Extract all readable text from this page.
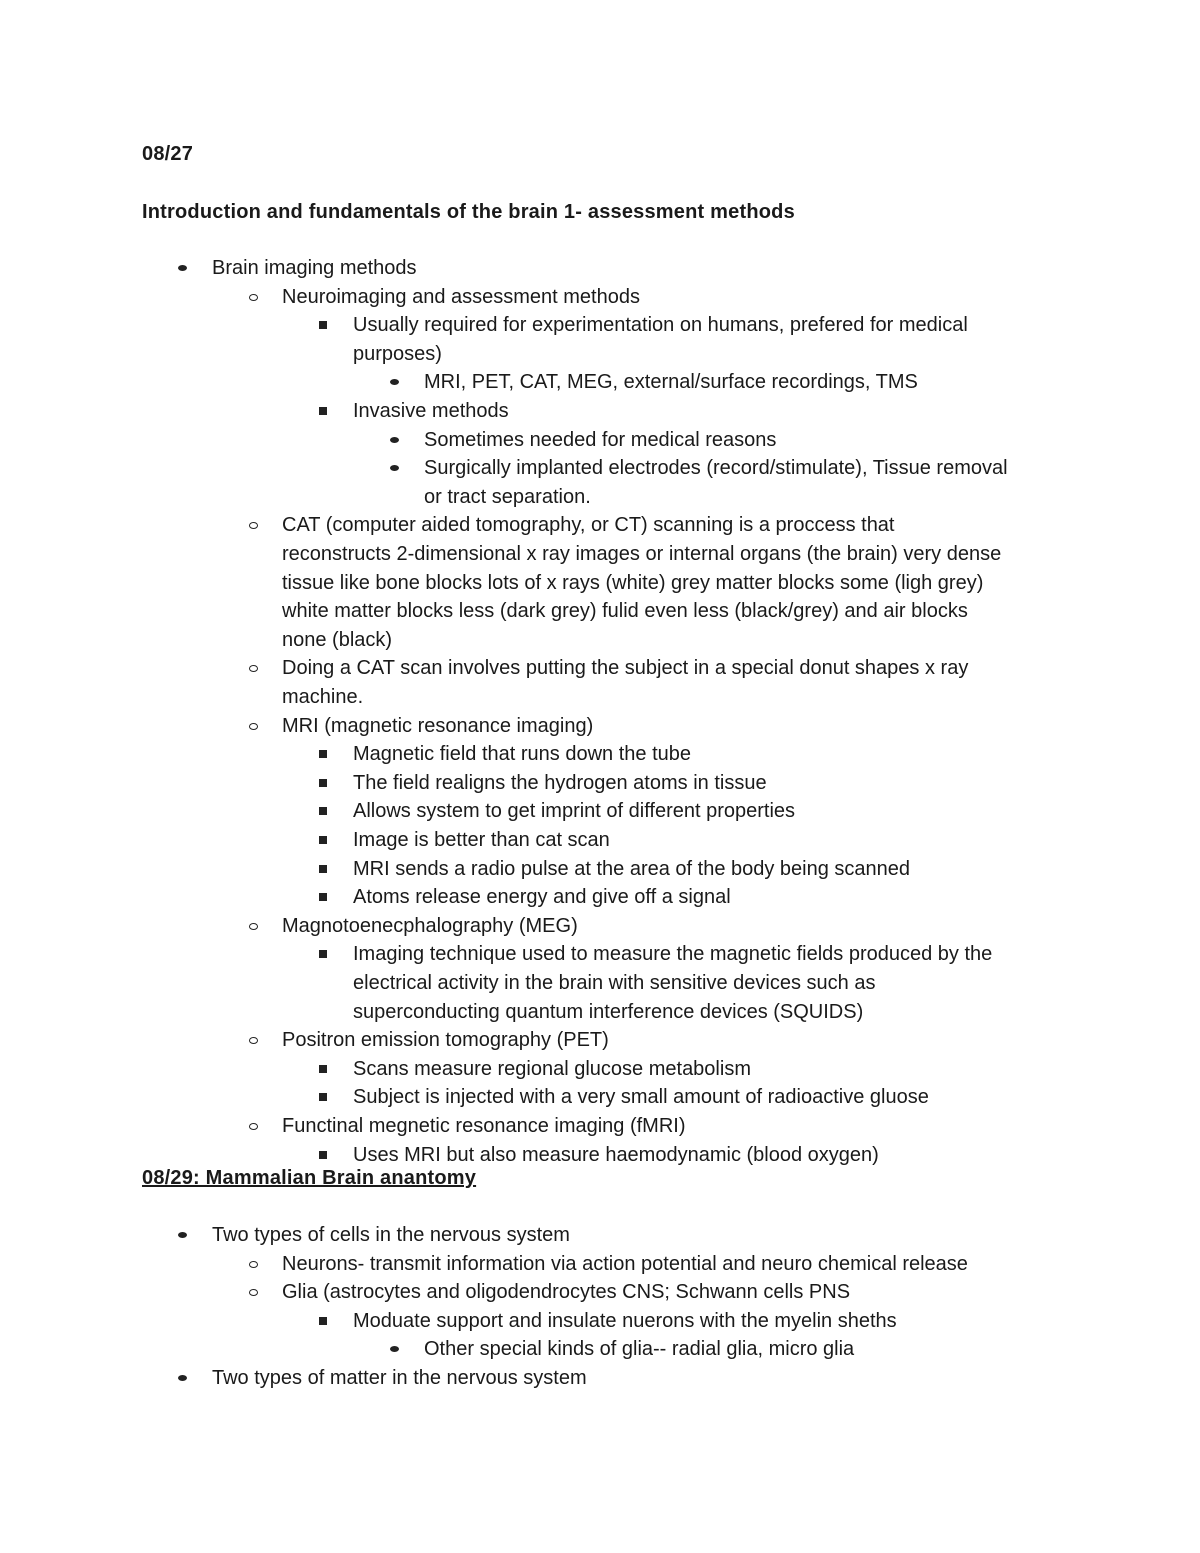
08/27
Introduction and fundamentals of the brain 1- assessment methods
Brain imaging methods
Neuroimaging and assessment methods
Usually required for experimentation on humans, prefered for medical
purposes)
MRI, PET, CAT, MEG, external/surface recordings, TMS
Invasive methods
Sometimes needed for medical reasons
Surgically implanted electrodes (record/stimulate), Tissue removal
or tract separation.
CAT (computer aided tomography, or CT) scanning is a proccess that
reconstructs 2-dimensional x ray images or internal organs (the brain) very dense
tissue like bone blocks lots of x rays (white) grey matter blocks some (ligh grey)
white matter blocks less (dark grey) fulid even less (black/grey) and air blocks
none (black)
Doing a CAT scan involves putting the subject in a special donut shapes x ray
machine.
MRI (magnetic resonance imaging)
Magnetic field that runs down the tube
The field realigns the hydrogen atoms in tissue
Allows system to get imprint of different properties
Image is better than cat scan
MRI sends a radio pulse at the area of the body being scanned
Atoms release energy and give off a signal
Magnotoenecphalography (MEG)
Imaging technique used to measure the magnetic fields produced by the
electrical activity in the brain with sensitive devices such as
superconducting quantum interference devices (SQUIDS)
Positron emission tomography (PET)
Scans measure regional glucose metabolism
Subject is injected with a very small amount of radioactive gluose
Functinal megnetic resonance imaging (fMRI)
Uses MRI but also measure haemodynamic (blood oxygen)
08/29: Mammalian Brain anantomy
Two types of cells in the nervous system
Neurons- transmit information via action potential and neuro chemical release
Glia (astrocytes and oligodendrocytes CNS; Schwann cells PNS
Moduate support and insulate nuerons with the myelin sheths
Other special kinds of glia-- radial glia, micro glia
Two types of matter in the nervous system
